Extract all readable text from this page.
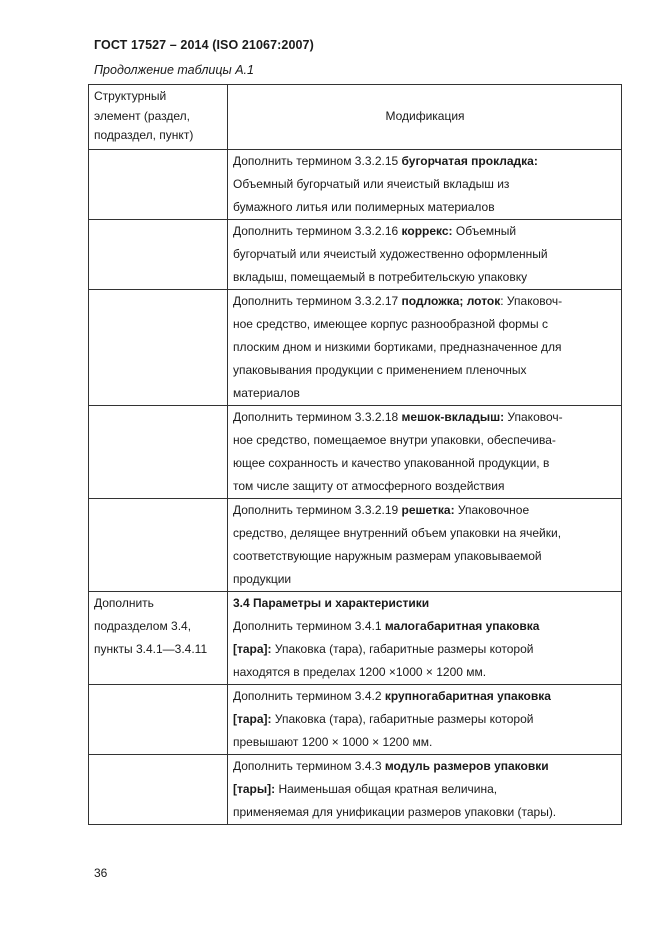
ГОСТ 17527 – 2014 (ISO 21067:2007)
Продолжение таблицы А.1
Структурный
элемент (раздел,
подраздел, пункт)	Модификация

	Дополнить термином 3.3.2.15 бугорчатая прокладка:
Объемный бугорчатый или ячеистый вкладыш из
бумажного литья или полимерных материалов

	Дополнить термином 3.3.2.16 коррекс: Объемный
бугорчатый или ячеистый художественно оформленный
вкладыш, помещаемый в потребительскую упаковку

	Дополнить термином 3.3.2.17 подложка; лоток: Упаковоч-
ное средство, имеющее корпус разнообразной формы с
плоским дном и низкими бортиками, предназначенное для
упаковывания продукции с применением пленочных
материалов

	Дополнить термином 3.3.2.18 мешок-вкладыш: Упаковоч-
ное средство, помещаемое внутри упаковки, обеспечива-
ющее сохранность и качество упакованной продукции, в
том числе защиту от атмосферного воздействия

	Дополнить термином 3.3.2.19 решетка: Упаковочное
средство, делящее внутренний объем упаковки на ячейки,
соответствующие наружным размерам упаковываемой
продукции

Дополнить
подразделом 3.4,
пункты 3.4.1—3.4.11	3.4 Параметры и характеристики
Дополнить термином 3.4.1 малогабаритная упаковка
[тара]: Упаковка (тара), габаритные размеры которой
находятся в пределах 1200 ×1000 × 1200 мм.

	Дополнить термином 3.4.2 крупногабаритная упаковка
[тара]: Упаковка (тара), габаритные размеры которой
превышают 1200 × 1000 × 1200 мм.

	Дополнить термином 3.4.3 модуль размеров упаковки
[тары]: Наименьшая общая кратная величина,
применяемая для унификации размеров упаковки (тары).
36
